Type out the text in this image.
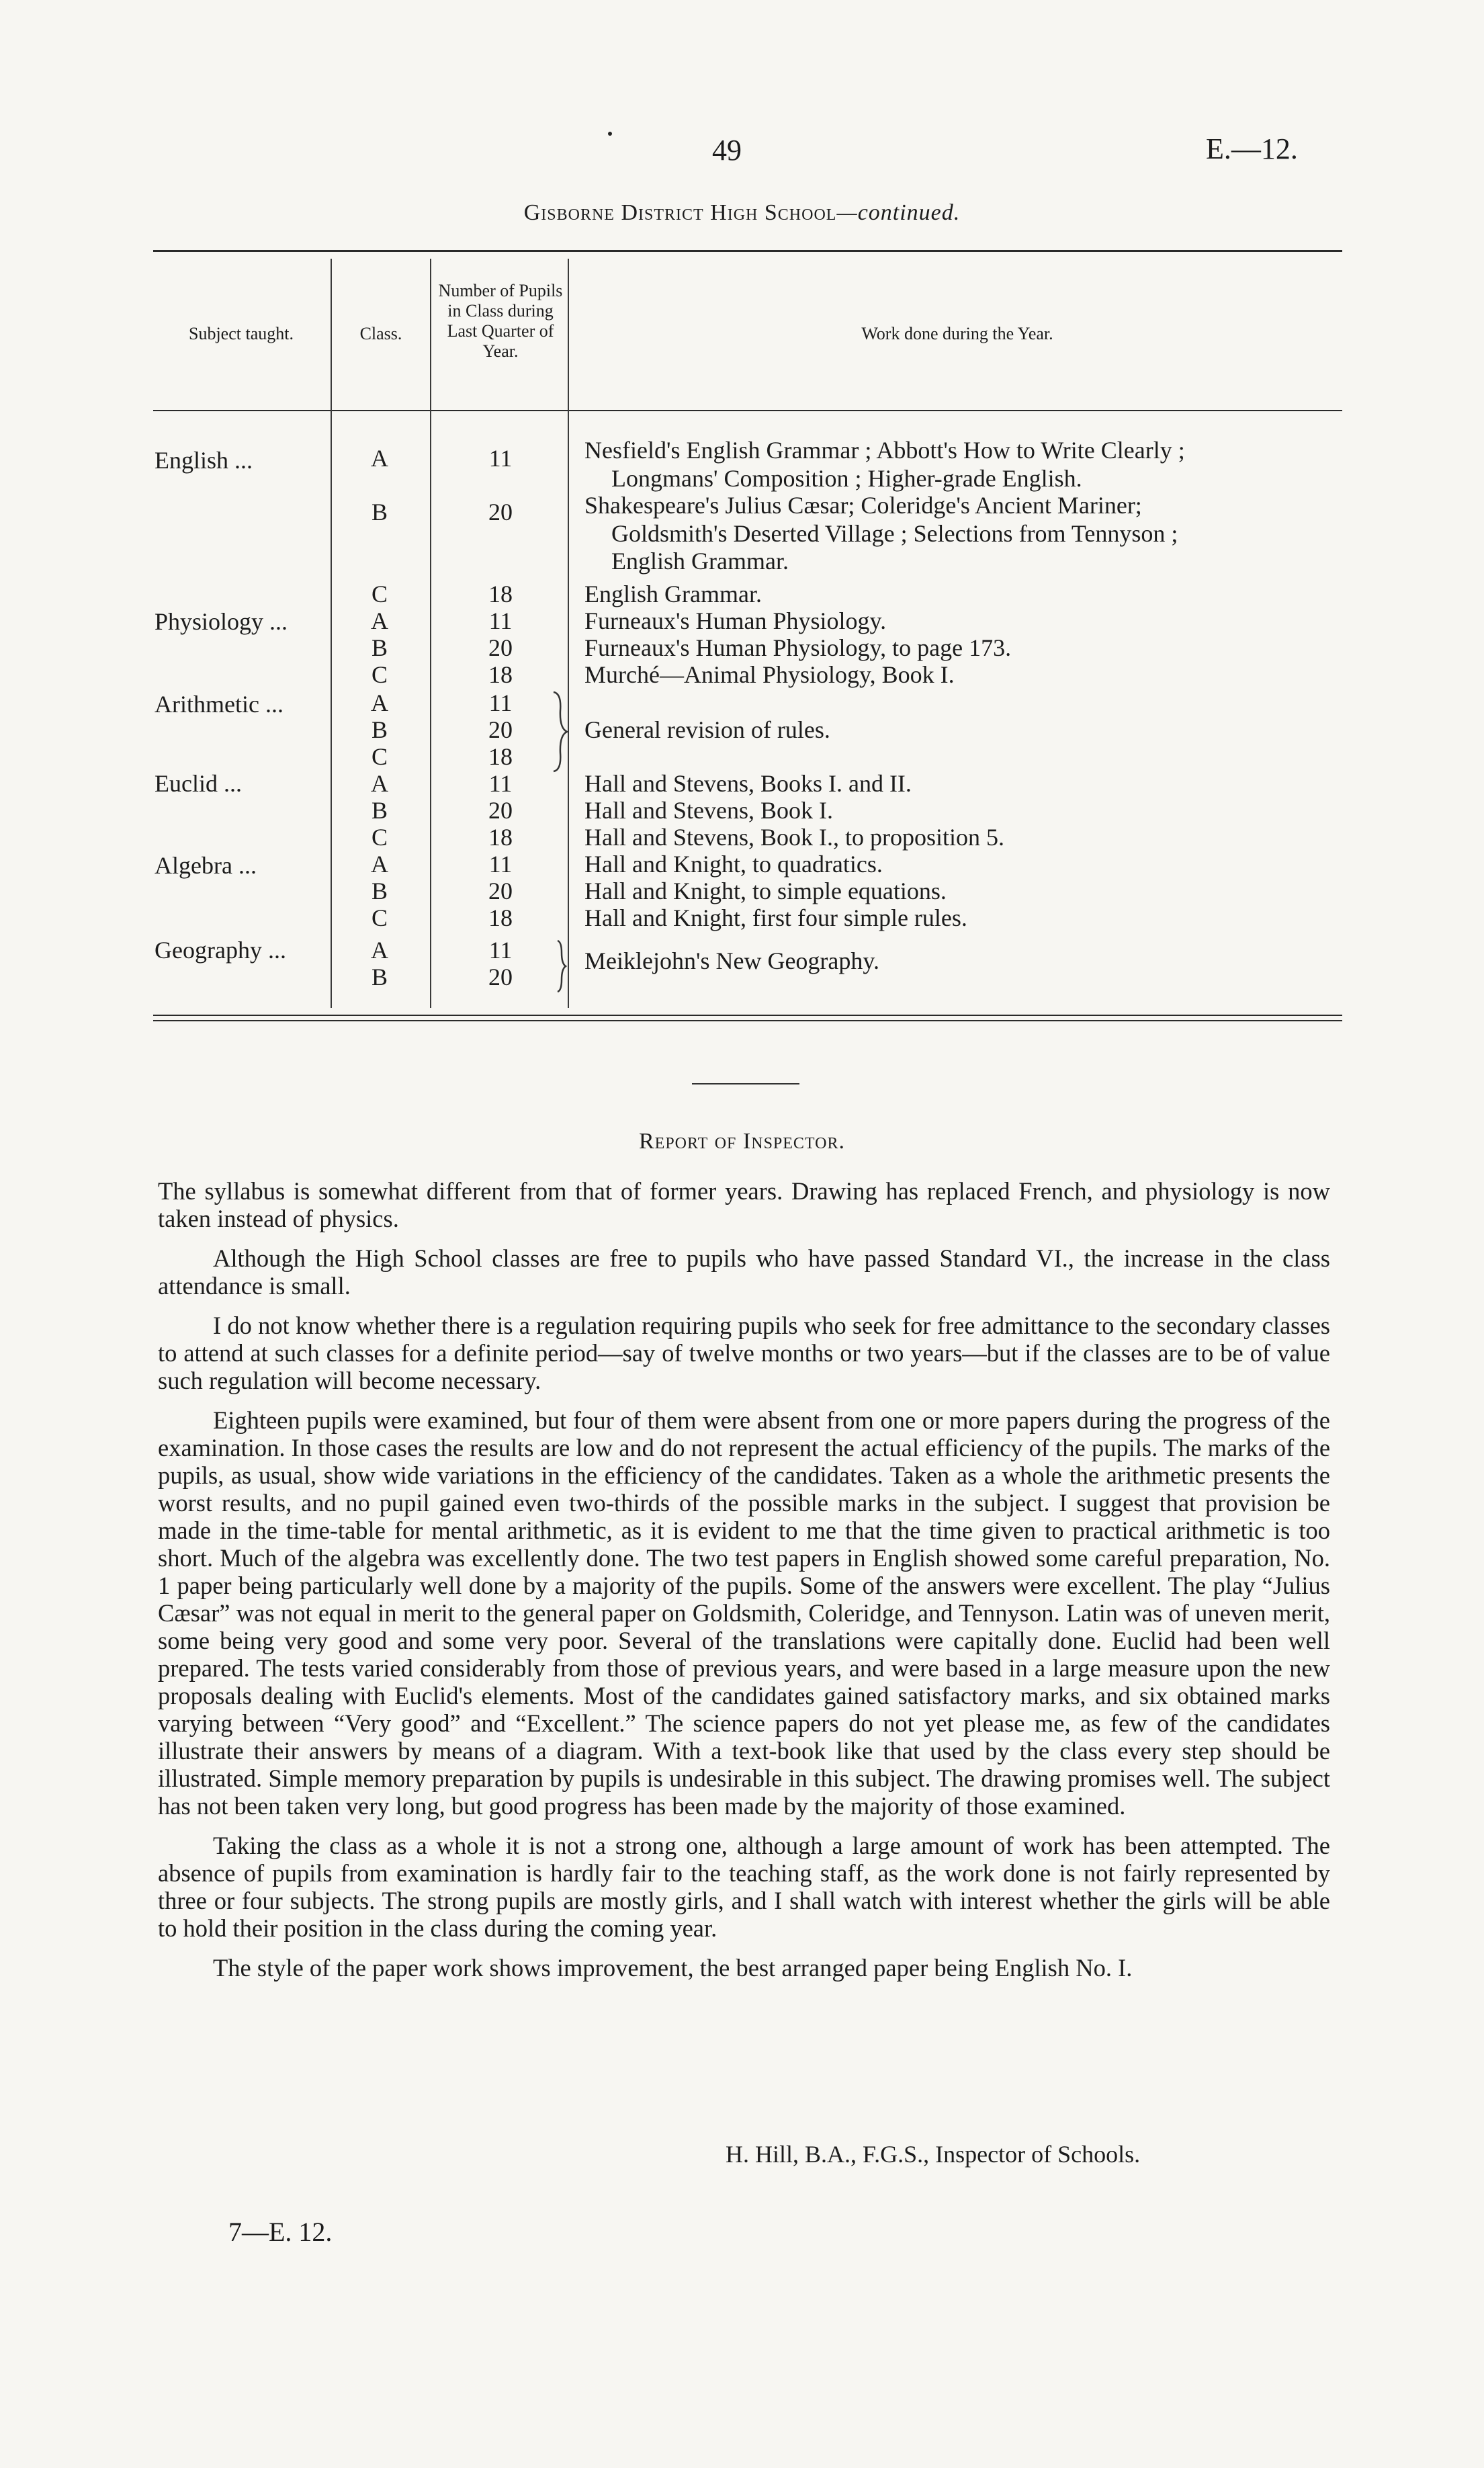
49	E.—12.
Gisborne District High School—continued.
Subject taught.	Class.
Number of Pupils in Class during Last Quarter of Year.
Work done during the Year.
English ...	A	11	Nesfield's English Grammar ; Abbott's How to Write Clearly ;
Longmans' Composition ; Higher-grade English.
B	20	Shakespeare's Julius Cæsar; Coleridge's Ancient Mariner;
Goldsmith's Deserted Village ; Selections from Tennyson ;
English Grammar.
C	18	English Grammar.
Physiology ...	A	11	Furneaux's Human Physiology.
B	20	Furneaux's Human Physiology, to page 173.
C	18	Murché—Animal Physiology, Book I.
Arithmetic ...	A	11
B	20	General revision of rules.
C	18
Euclid ...	A	11	Hall and Stevens, Books I. and II.
B	20	Hall and Stevens, Book I.
C	18	Hall and Stevens, Book I., to proposition 5.
Algebra ...	A	11	Hall and Knight, to quadratics.
B	20	Hall and Knight, to simple equations.
C	18	Hall and Knight, first four simple rules.
Geography ...	A	11	Meiklejohn's New Geography.
B	20
Report of Inspector.

The syllabus is somewhat different from that of former years. Drawing has replaced French, and physiology is now taken instead of physics.

Although the High School classes are free to pupils who have passed Standard VI., the increase in the class attendance is small.

I do not know whether there is a regulation requiring pupils who seek for free admittance to the secondary classes to attend at such classes for a definite period—say of twelve months or two years—but if the classes are to be of value such regulation will become necessary.

Eighteen pupils were examined, but four of them were absent from one or more papers during the progress of the examination. In those cases the results are low and do not represent the actual efficiency of the pupils. The marks of the pupils, as usual, show wide variations in the efficiency of the candidates. Taken as a whole the arithmetic presents the worst results, and no pupil gained even two-thirds of the possible marks in the subject. I suggest that provision be made in the time-table for mental arithmetic, as it is evident to me that the time given to practical arithmetic is too short. Much of the algebra was excellently done. The two test papers in English showed some careful preparation, No. 1 paper being particularly well done by a majority of the pupils. Some of the answers were excellent. The play “Julius Cæsar” was not equal in merit to the general paper on Goldsmith, Coleridge, and Tennyson. Latin was of uneven merit, some being very good and some very poor. Several of the translations were capitally done. Euclid had been well prepared. The tests varied considerably from those of previous years, and were based in a large measure upon the new proposals dealing with Euclid's elements. Most of the candidates gained satisfactory marks, and six obtained marks varying between “Very good” and “Excellent.” The science papers do not yet please me, as few of the candidates illustrate their answers by means of a diagram. With a text-book like that used by the class every step should be illustrated. Simple memory preparation by pupils is undesirable in this subject. The drawing promises well. The subject has not been taken very long, but good progress has been made by the majority of those examined.

Taking the class as a whole it is not a strong one, although a large amount of work has been attempted. The absence of pupils from examination is hardly fair to the teaching staff, as the work done is not fairly represented by three or four subjects. The strong pupils are mostly girls, and I shall watch with interest whether the girls will be able to hold their position in the class during the coming year.

The style of the paper work shows improvement, the best arranged paper being English No. I.

H. Hill, B.A., F.G.S., Inspector of Schools.
7—E. 12.
